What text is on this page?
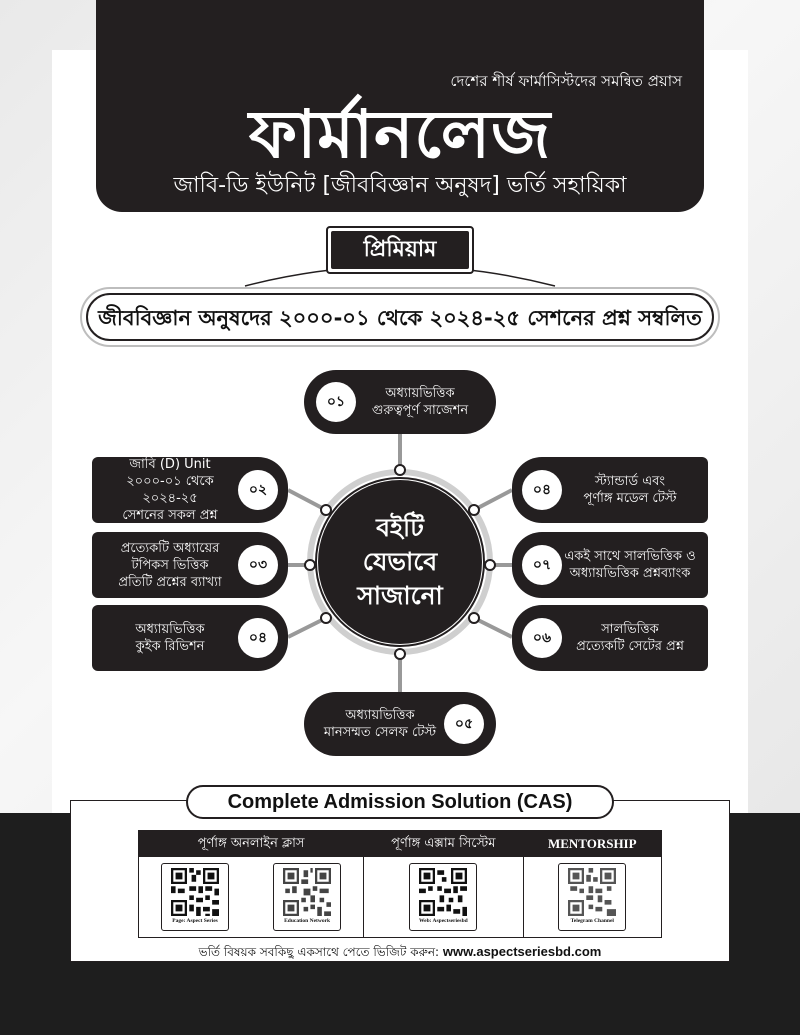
দেশের শীর্ষ ফার্মাসিস্টদের সমন্বিত প্রয়াস
ফার্মানলেজ
জাবি-ডি ইউনিট [জীববিজ্ঞান অনুষদ] ভর্তি সহায়িকা
প্রিমিয়াম
জীববিজ্ঞান অনুষদের ২০০০-০১ থেকে ২০২৪-২৫ সেশনের প্রশ্ন সম্বলিত
বইটি
যেভাবে
সাজানো
০১
অধ্যায়ভিত্তিক
গুরুত্বপূর্ণ সাজেশন
জাবি (D) Unit
২০০০-০১ থেকে ২০২৪-২৫
সেশনের সকল প্রশ্ন
০২
প্রত্যেকটি অধ্যায়ের
টপিকস ভিত্তিক
প্রতিটি প্রশ্নের ব্যাখ্যা
০৩
অধ্যায়ভিত্তিক
কুইক রিভিশন
০৪
অধ্যায়ভিত্তিক
মানসম্মত সেলফ টেস্ট
০৫
০৪
স্ট্যান্ডার্ড এবং
পূর্ণাঙ্গ মডেল টেস্ট
০৭
একই সাথে সালভিত্তিক ও
অধ্যায়ভিত্তিক প্রশ্নব্যাংক
০৬
সালভিত্তিক
প্রত্যেকটি সেটের প্রশ্ন
Complete Admission Solution (CAS)
পূর্ণাঙ্গ অনলাইন ক্লাস
Page: Aspect Series	Education Network
পূর্ণাঙ্গ এক্সাম সিস্টেম
Web: Aspectseriesbd
MENTORSHIP
Telegram Channel
ভর্তি বিষয়ক সবকিছু একসাথে পেতে ভিজিট করুন: www.aspectseriesbd.com
